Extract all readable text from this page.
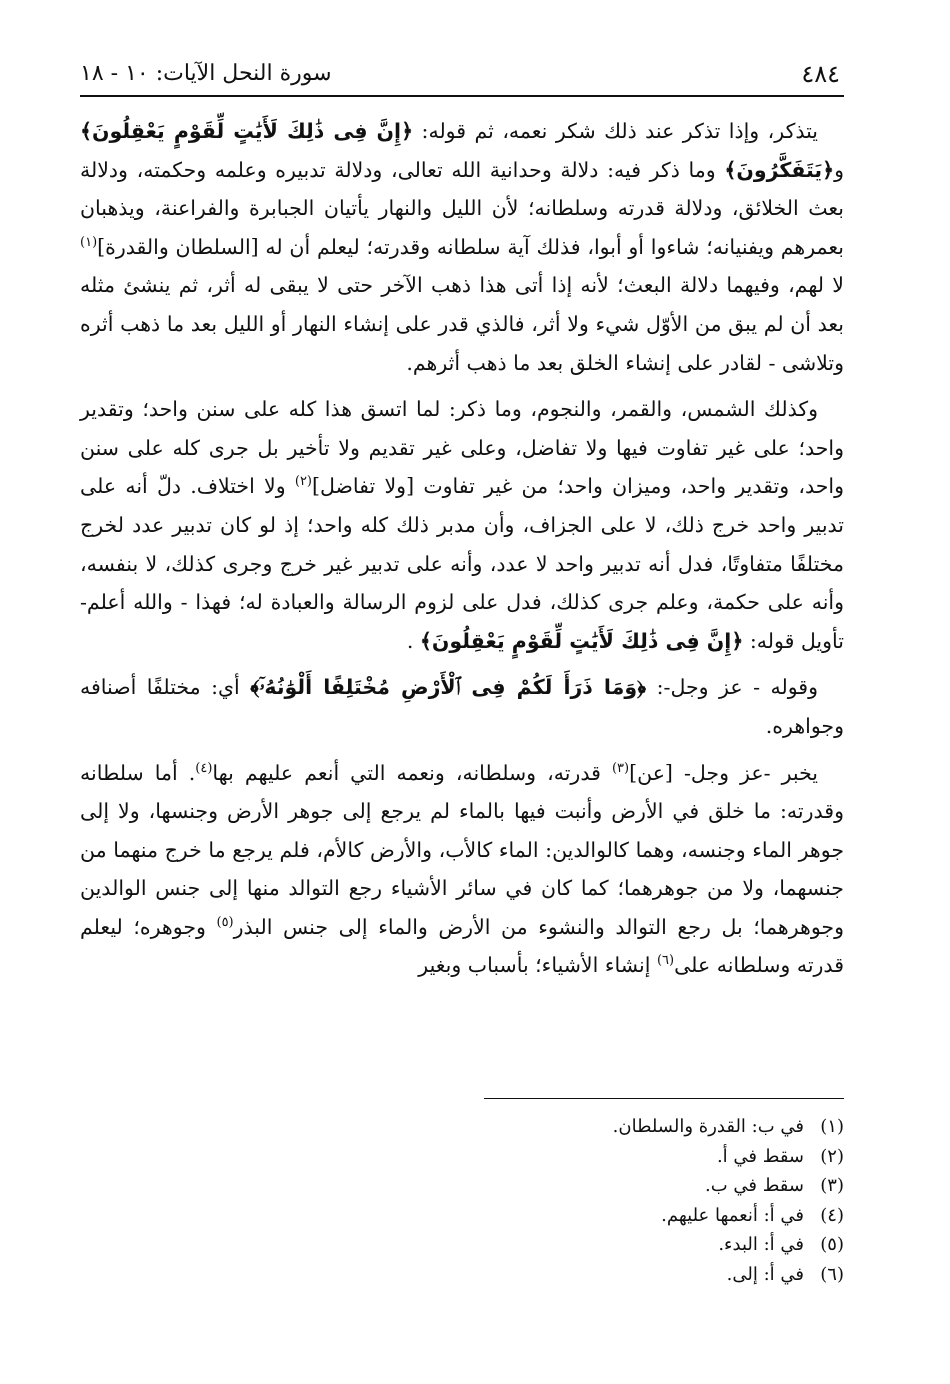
٤٨٤
سورة النحل الآيات: ١٠ - ١٨

يتذكر، وإذا تذكر عند ذلك شكر نعمه، ثم قوله: ﴿إِنَّ فِى ذَٰلِكَ لَأَيَٰتٍ لِّقَوْمٍ يَعْقِلُونَ﴾ و﴿يَتَفَكَّرُونَ﴾ وما ذكر فيه: دلالة وحدانية الله تعالى، ودلالة تدبيره وعلمه وحكمته، ودلالة بعث الخلائق، ودلالة قدرته وسلطانه؛ لأن الليل والنهار يأتيان الجبابرة والفراعنة، ويذهبان بعمرهم ويفنيانه؛ شاءوا أو أبوا، فذلك آية سلطانه وقدرته؛ ليعلم أن له [السلطان والقدرة]$^{(١)}$ لا لهم، وفيهما دلالة البعث؛ لأنه إذا أتى هذا ذهب الآخر حتى لا يبقى له أثر، ثم ينشئ مثله بعد أن لم يبق من الأوّل شيء ولا أثر، فالذي قدر على إنشاء النهار أو الليل بعد ما ذهب أثره وتلاشى - لقادر على إنشاء الخلق بعد ما ذهب أثرهم.

وكذلك الشمس، والقمر، والنجوم، وما ذكر: لما اتسق هذا كله على سنن واحد؛ وتقدير واحد؛ على غير تفاوت فيها ولا تفاضل، وعلى غير تقديم ولا تأخير بل جرى كله على سنن واحد، وتقدير واحد، وميزان واحد؛ من غير تفاوت [ولا تفاضل]$^{(٢)}$ ولا اختلاف. دلّ أنه على تدبير واحد خرج ذلك، لا على الجزاف، وأن مدبر ذلك كله واحد؛ إذ لو كان تدبير عدد لخرج مختلفًا متفاوتًا، فدل أنه تدبير واحد لا عدد، وأنه على تدبير غير خرج وجرى كذلك، لا بنفسه، وأنه على حكمة، وعلم جرى كذلك، فدل على لزوم الرسالة والعبادة له؛ فهذا - والله أعلم- تأويل قوله: ﴿إِنَّ فِى ذَٰلِكَ لَأَيَٰتٍ لِّقَوْمٍ يَعْقِلُونَ﴾ .

وقوله - عز وجل-: ﴿وَمَا ذَرَأَ لَكُمْ فِى ٱلْأَرْضِ مُخْتَلِفًا أَلْوَٰنُهُۥٓ﴾ أي: مختلفًا أصنافه وجواهره.

يخبر -عز وجل- [عن]$^{(٣)}$ قدرته، وسلطانه، ونعمه التي أنعم عليهم بها$^{(٤)}$. أما سلطانه وقدرته: ما خلق في الأرض وأنبت فيها بالماء لم يرجع إلى جوهر الأرض وجنسها، ولا إلى جوهر الماء وجنسه، وهما كالوالدين: الماء كالأب، والأرض كالأم، فلم يرجع ما خرج منهما من جنسهما، ولا من جوهرهما؛ كما كان في سائر الأشياء رجع التوالد منها إلى جنس الوالدين وجوهرهما؛ بل رجع التوالد والنشوء من الأرض والماء إلى جنس البذر$^{(٥)}$ وجوهره؛ ليعلم قدرته وسلطانه على$^{(٦)}$ إنشاء الأشياء؛ بأسباب وبغير

(١)في ب: القدرة والسلطان.
(٢)سقط في أ.
(٣)سقط في ب.
(٤)في أ: أنعمها عليهم.
(٥)في أ: البدء.
(٦)في أ: إلى.
